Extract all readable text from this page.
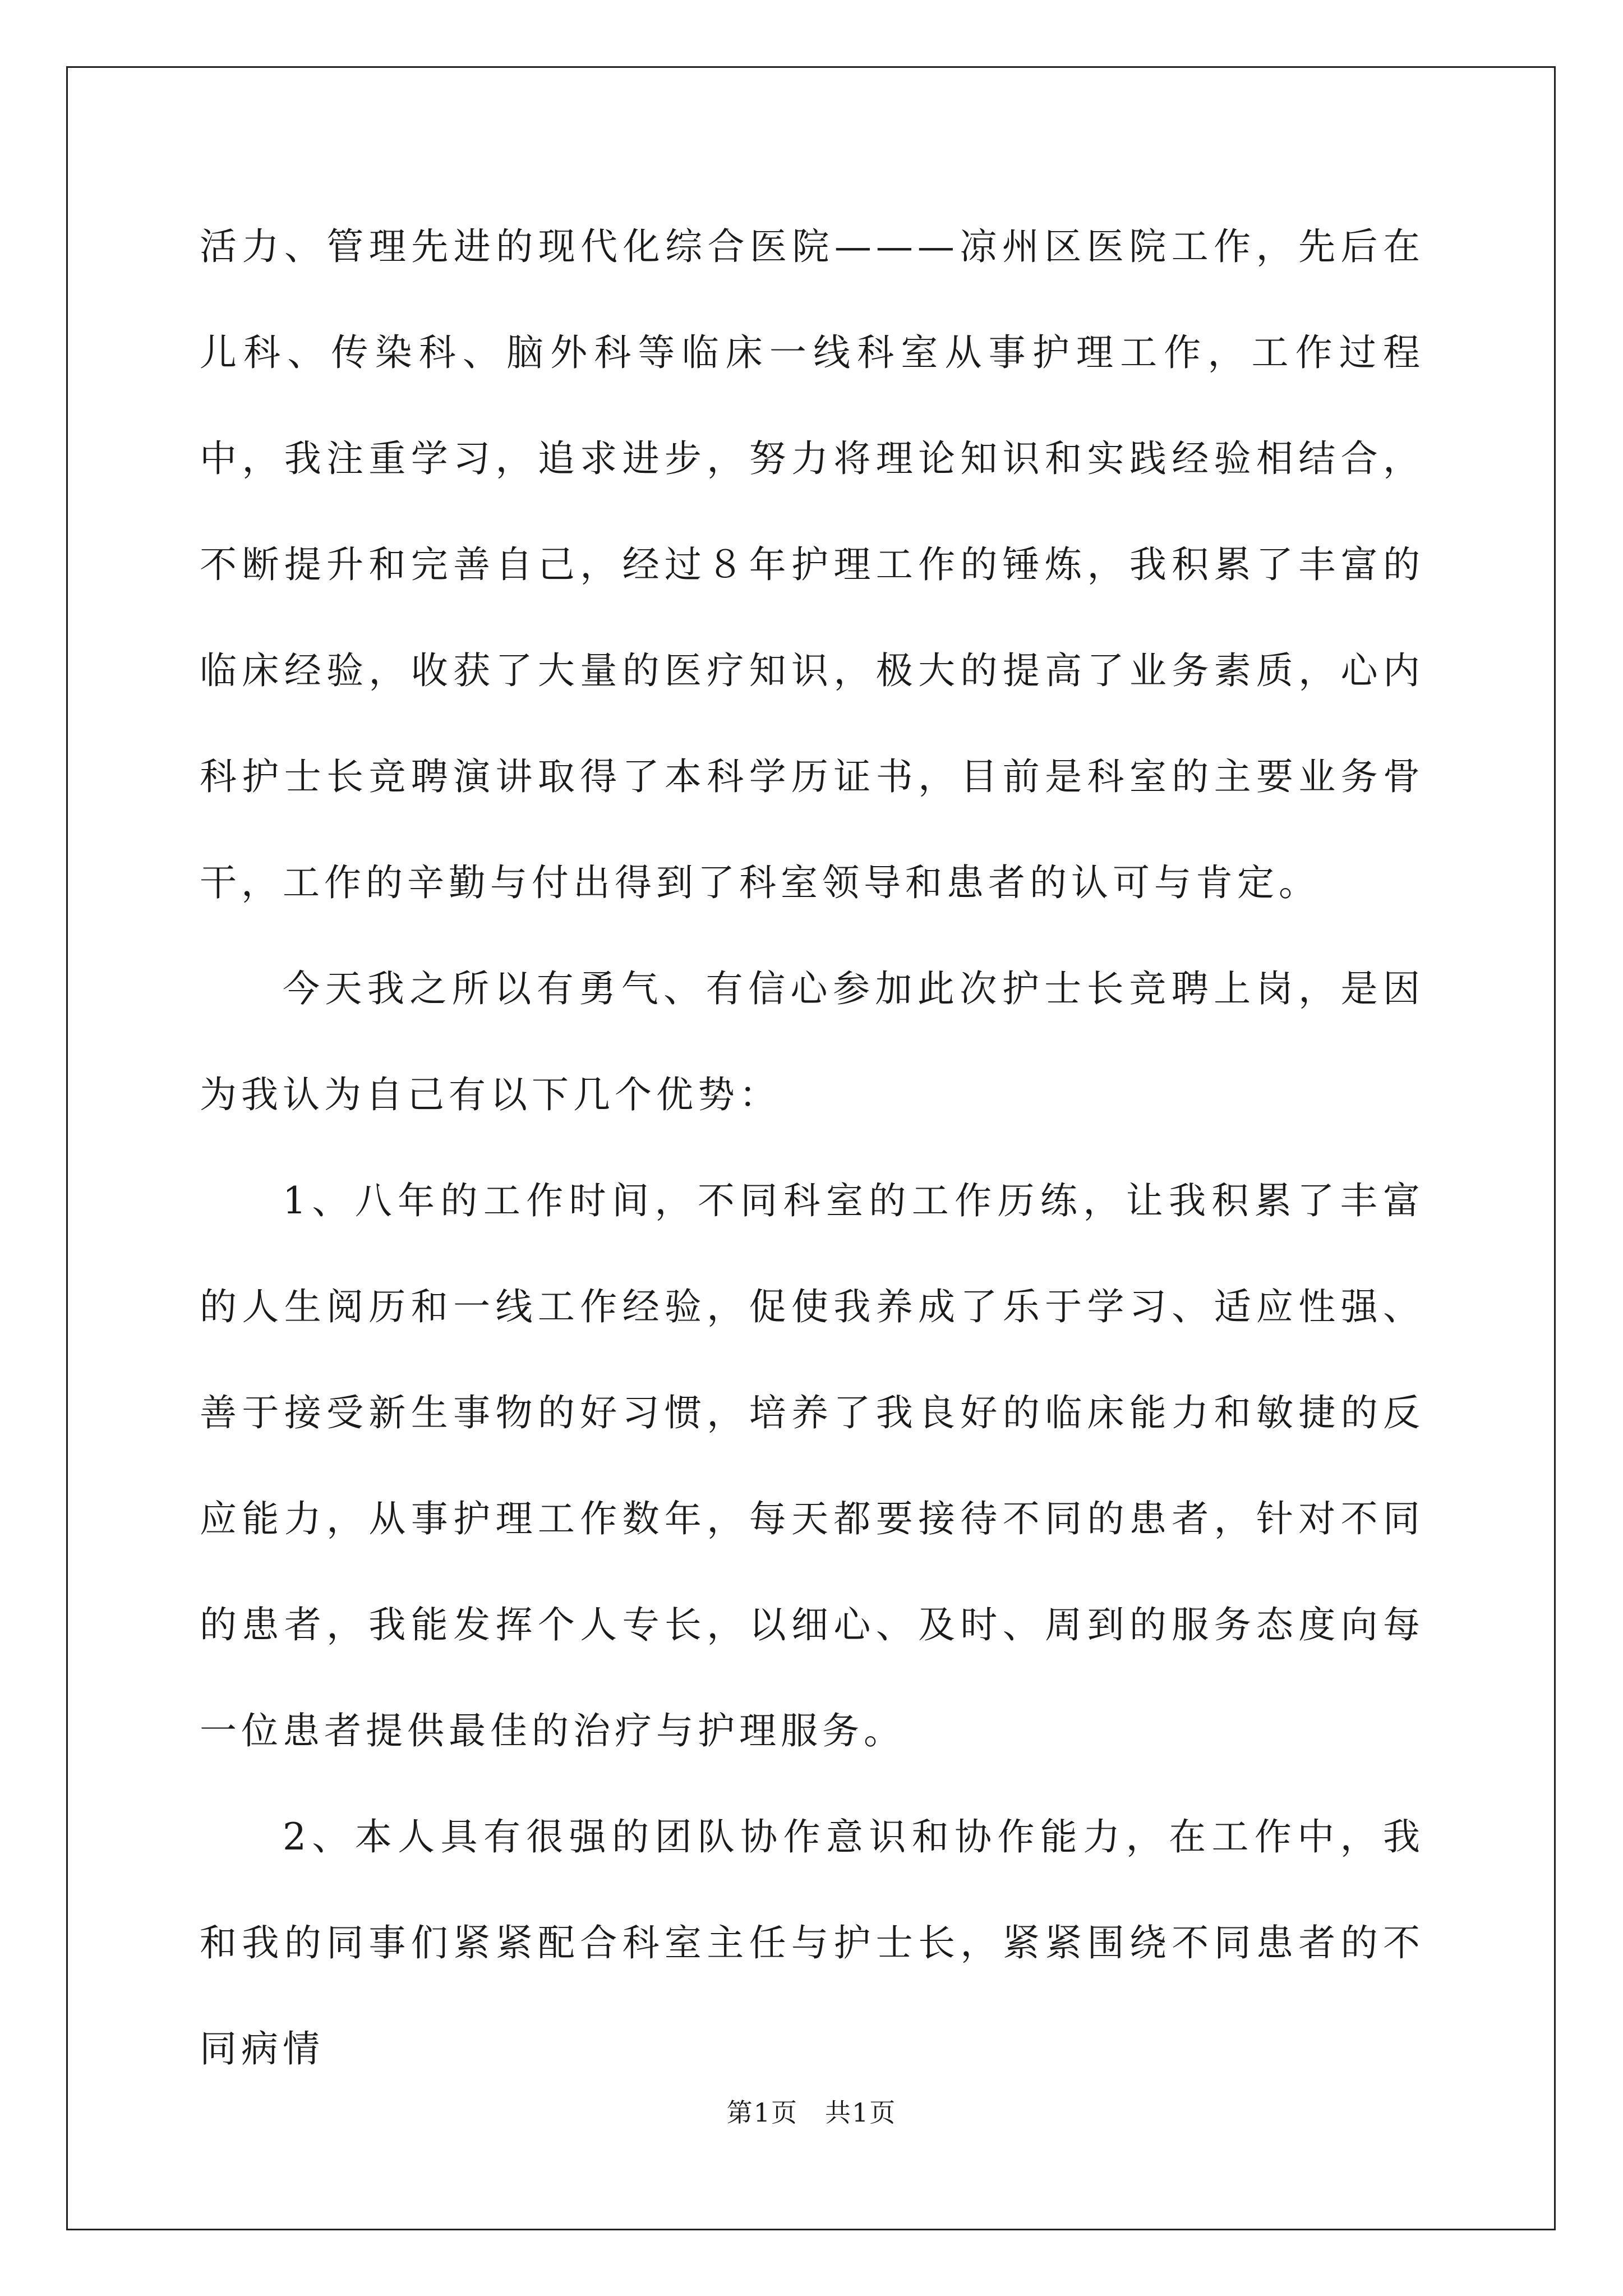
活力、管理先进的现代化综合医院———凉州区医院工作，先后在儿科、传染科、脑外科等临床一线科室从事护理工作，工作过程中，我注重学习，追求进步，努力将理论知识和实践经验相结合，不断提升和完善自己，经过８年护理工作的锤炼，我积累了丰富的临床经验，收获了大量的医疗知识，极大的提高了业务素质，心内科护士长竞聘演讲取得了本科学历证书，目前是科室的主要业务骨干，工作的辛勤与付出得到了科室领导和患者的认可与肯定。

今天我之所以有勇气、有信心参加此次护士长竞聘上岗，是因为我认为自己有以下几个优势：

1、八年的工作时间，不同科室的工作历练，让我积累了丰富的人生阅历和一线工作经验，促使我养成了乐于学习、适应性强、善于接受新生事物的好习惯，培养了我良好的临床能力和敏捷的反应能力，从事护理工作数年，每天都要接待不同的患者，针对不同的患者，我能发挥个人专长，以细心、及时、周到的服务态度向每一位患者提供最佳的治疗与护理服务。

2、本人具有很强的团队协作意识和协作能力，在工作中，我和我的同事们紧紧配合科室主任与护士长，紧紧围绕不同患者的不同病情

第1页　共1页
